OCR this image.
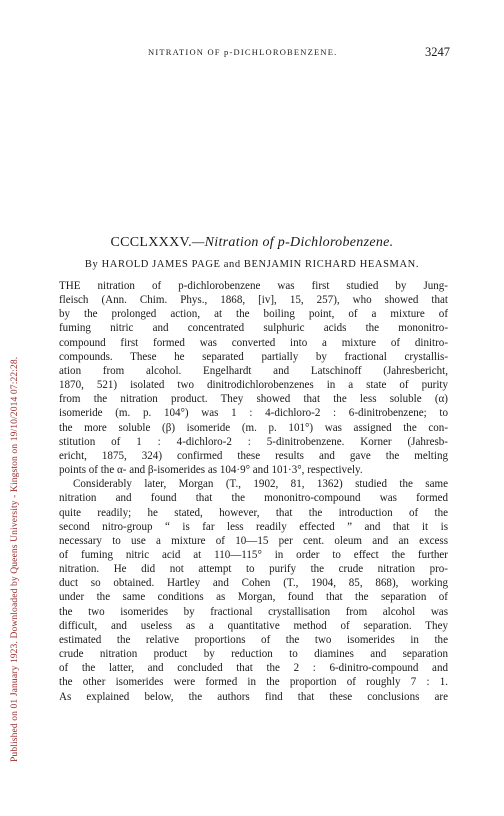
Published on 01 January 1923. Downloaded by Queens University - Kingston on 19/10/2014 07:22:28.
NITRATION OF p-DICHLOROBENZENE.	3247
CCCLXXXV.—Nitration of p-Dichlorobenzene.
By HAROLD JAMES PAGE and BENJAMIN RICHARD HEASMAN.
THE nitration of p-dichlorobenzene was first studied by Jung-
fleisch (Ann. Chim. Phys., 1868, [iv], 15, 257), who showed that
by the prolonged action, at the boiling point, of a mixture of
fuming nitric and concentrated sulphuric acids the mononitro-
compound first formed was converted into a mixture of dinitro-
compounds. These he separated partially by fractional crystallis-
ation from alcohol. Engelhardt and Latschinoff (Jahresbericht,
1870, 521) isolated two dinitrodichlorobenzenes in a state of purity
from the nitration product. They showed that the less soluble (α)
isomeride (m. p. 104°) was 1 : 4-dichloro-2 : 6-dinitrobenzene; to
the more soluble (β) isomeride (m. p. 101°) was assigned the con-
stitution of 1 : 4-dichloro-2 : 5-dinitrobenzene. Korner (Jahresb-
ericht, 1875, 324) confirmed these results and gave the melting
points of the α- and β-isomerides as 104·9° and 101·3°, respectively.
Considerably later, Morgan (T., 1902, 81, 1362) studied the same
nitration and found that the mononitro-compound was formed
quite readily; he stated, however, that the introduction of the
second nitro-group “ is far less readily effected ” and that it is
necessary to use a mixture of 10—15 per cent. oleum and an excess
of fuming nitric acid at 110—115° in order to effect the further
nitration. He did not attempt to purify the crude nitration pro-
duct so obtained. Hartley and Cohen (T., 1904, 85, 868), working
under the same conditions as Morgan, found that the separation of
the two isomerides by fractional crystallisation from alcohol was
difficult, and useless as a quantitative method of separation. They
estimated the relative proportions of the two isomerides in the
crude nitration product by reduction to diamines and separation
of the latter, and concluded that the 2 : 6-dinitro-compound and
the other isomerides were formed in the proportion of roughly 7 : 1.
As explained below, the authors find that these conclusions are
